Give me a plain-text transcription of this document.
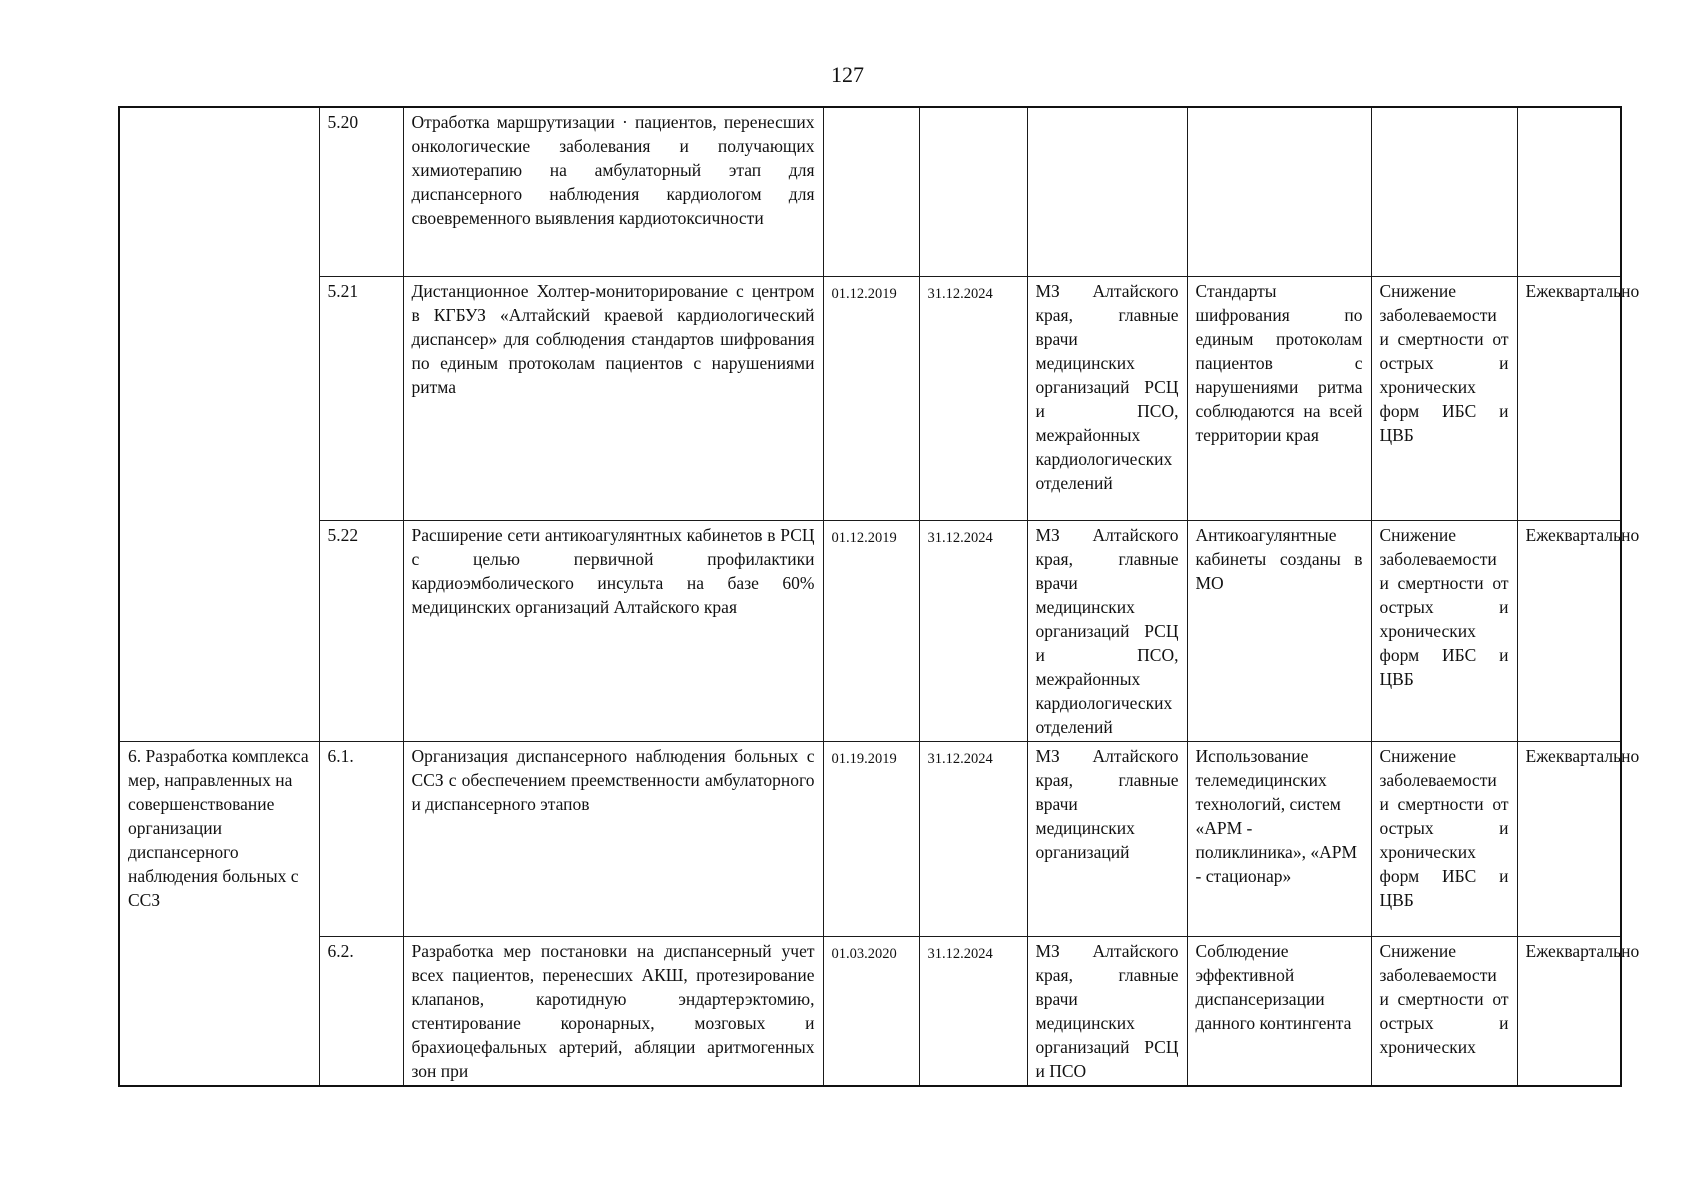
127
	5.20	Отработка маршрутизации · пациентов, перенесших онкологические заболевания и получающих химиотерапию на амбулаторный этап для диспансерного наблюдения кардиологом для своевременного выявления кардиотоксичности						
	5.21	Дистанционное Холтер-мониторирование с центром в КГБУЗ «Алтайский краевой кардиологический диспансер» для соблюдения стандартов шифрования по единым протоколам пациентов с нарушениями ритма	01.12.2019	31.12.2024	МЗ Алтайского края, главные врачи медицинских организаций РСЦ и ПСО, межрайонных кардиологических отделений	Стандарты шифрования по единым протоколам пациентов с нарушениями ритма соблюдаются на всей территории края	Снижение заболеваемости и смертности от острых и хронических форм ИБС и ЦВБ	Ежеквартально
	5.22	Расширение сети антикоагулянтных кабинетов в РСЦ с целью первичной профилактики кардиоэмболического инсульта на базе 60% медицинских организаций Алтайского края	01.12.2019	31.12.2024	МЗ Алтайского края, главные врачи медицинских организаций РСЦ и ПСО, межрайонных кардиологических отделений	Антикоагулянтные кабинеты созданы в МО	Снижение заболеваемости и смертности от острых и хронических форм ИБС и ЦВБ	Ежеквартально
6. Разработка комплекса мер, направленных на совершенствование организации диспансерного наблюдения больных с ССЗ	6.1.	Организация диспансерного наблюдения больных с ССЗ с обеспечением преемственности амбулаторного и диспансерного этапов	01.19.2019	31.12.2024	МЗ Алтайского края, главные врачи медицинских организаций	Использование телемедицинских технологий, систем «АРМ - поликлиника», «АРМ - стационар»	Снижение заболеваемости и смертности от острых и хронических форм ИБС и ЦВБ	Ежеквартально
	6.2.	Разработка мер постановки на диспансерный учет всех пациентов, перенесших АКШ, протезирование клапанов, каротидную эндартерэктомию, стентирование коронарных, мозговых и брахиоцефальных артерий, абляции аритмогенных зон при	01.03.2020	31.12.2024	МЗ Алтайского края, главные врачи медицинских организаций РСЦ и ПСО	Соблюдение эффективной диспансеризации данного контингента	Снижение заболеваемости и смертности от острых и хронических	Ежеквартально
